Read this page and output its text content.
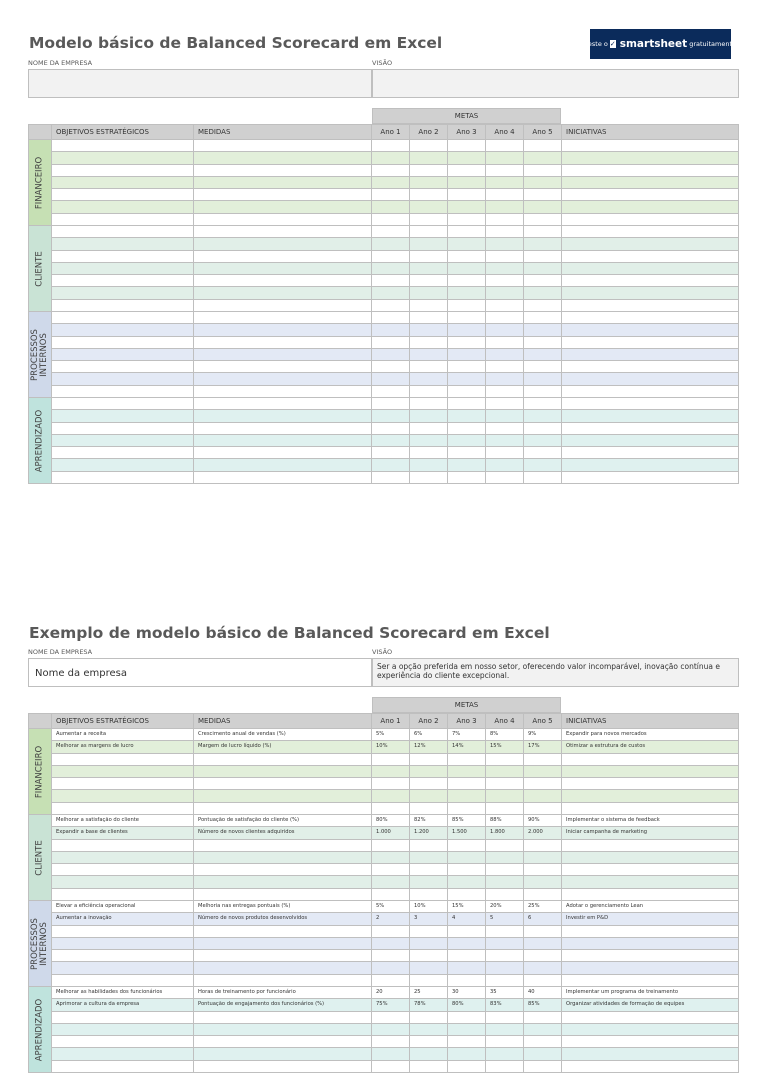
Modelo básico de Balanced Scorecard em Excel	Teste o ✓ smartsheet gratuitamente
NOME DA EMPRESA	VISÃO
METAS
OBJETIVOS ESTRATÉGICOS	MEDIDAS	Ano 1	Ano 2	Ano 3	Ano 4	Ano 5	INICIATIVAS
FINANCEIRO
CLIENTE
PROCESSOS INTERNOS
APRENDIZADO
Exemplo de modelo básico de Balanced Scorecard em Excel
NOME DA EMPRESA	VISÃO
Nome da empresa
Ser a opção preferida em nosso setor, oferecendo valor incomparável, inovação contínua e experiência do cliente excepcional.
METAS
OBJETIVOS ESTRATÉGICOS	MEDIDAS	Ano 1	Ano 2	Ano 3	Ano 4	Ano 5	INICIATIVAS
FINANCEIRO
Aumentar a receita	Crescimento anual de vendas (%)	5%	6%	7%	8%	9%	Expandir para novos mercados
Melhorar as margens de lucro	Margem de lucro líquido (%)	10%	12%	14%	15%	17%	Otimizar a estrutura de custos
CLIENTE
Melhorar a satisfação do cliente	Pontuação de satisfação do cliente (%)	80%	82%	85%	88%	90%	Implementar o sistema de feedback
Expandir a base de clientes	Número de novos clientes adquiridos	1.000	1.200	1.500	1.800	2.000	Iniciar campanha de marketing
PROCESSOS INTERNOS
Elevar a eficiência operacional	Melhoria nas entregas pontuais (%)	5%	10%	15%	20%	25%	Adotar o gerenciamento Lean
Aumentar a inovação	Número de novos produtos desenvolvidos	2	3	4	5	6	Investir em P&D
APRENDIZADO
Melhorar as habilidades dos funcionários	Horas de treinamento por funcionário	20	25	30	35	40	Implementar um programa de treinamento
Aprimorar a cultura da empresa	Pontuação de engajamento dos funcionários (%)	75%	78%	80%	83%	85%	Organizar atividades de formação de equipes
